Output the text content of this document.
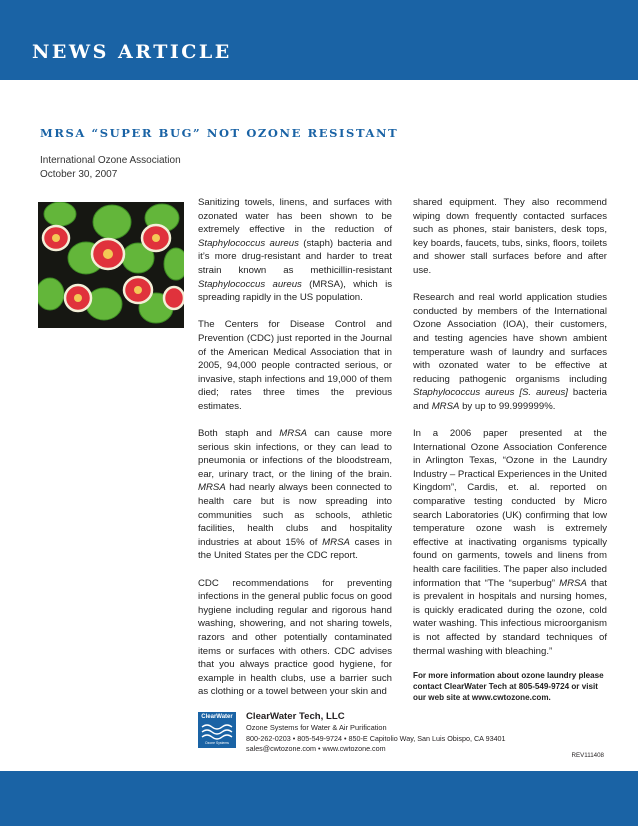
NEWS ARTICLE
MRSA “SUPER BUG” NOT OZONE RESISTANT
International Ozone Association
October 30, 2007

Sanitizing towels, linens, and surfaces with ozonated water has been shown to be extremely effective in the reduction of Staphylococcus aureus (staph) bacteria and it’s more drug-resistant and harder to treat strain known as methicillin-resistant Staphylococcus aureus (MRSA), which is spreading rapidly in the US population.

The Centers for Disease Control and Prevention (CDC) just reported in the Journal of the American Medical Association that in 2005, 94,000 people contracted serious, or invasive, staph infections and 19,000 of them died; rates three times the previous estimates.

Both staph and MRSA can cause more serious skin infections, or they can lead to pneumonia or infections of the bloodstream, ear, urinary tract, or the lining of the brain. MRSA had nearly always been connected to health care but is now spreading into communities such as schools, athletic facilities, health clubs and hospitality industries at about 15% of MRSA cases in the United States per the CDC report.

CDC recommendations for preventing infections in the general public focus on good hygiene including regular and rigorous hand washing, showering, and not sharing towels, razors and other potentially contaminated items or surfaces with others. CDC advises that you always practice good hygiene, for example in health clubs, use a barrier such as clothing or a towel between your skin and

shared equipment. They also recommend wiping down frequently contacted surfaces such as phones, stair banisters, desk tops, key boards, faucets, tubs, sinks, floors, toilets and shower stall surfaces before and after use.

Research and real world application studies conducted by members of the International Ozone Association (IOA), their customers, and testing agencies have shown ambient temperature wash of laundry and surfaces with ozonated water to be effective at reducing pathogenic organisms including Staphylococcus aureus [S. aureus] bacteria and MRSA by up to 99.999999%.

In a 2006 paper presented at the International Ozone Association Conference in Arlington Texas, “Ozone in the Laundry Industry – Practical Experiences in the United Kingdom”, Cardis, et. al. reported on comparative testing conducted by Micro search Laboratories (UK) confirming that low temperature ozone wash is extremely effective at inactivating organisms typically found on garments, towels and linens from health care facilities. The paper also included information that “The “superbug” MRSA that is prevalent in hospitals and nursing homes, is quickly eradicated during the ozone, cold water washing. This infectious microorganism is not affected by standard techniques of thermal washing with bleaching.”

For more information about ozone laundry please contact ClearWater Tech at 805-549-9724 or visit our web site at www.cwtozone.com.

ClearWater
Ozone Systems
ClearWater Tech, LLC
Ozone Systems for Water & Air Purification
800-262-0203 • 805-549-9724 • 850-E Capitolio Way, San Luis Obispo, CA 93401
sales@cwtozone.com • www.cwtozone.com
REV111408
